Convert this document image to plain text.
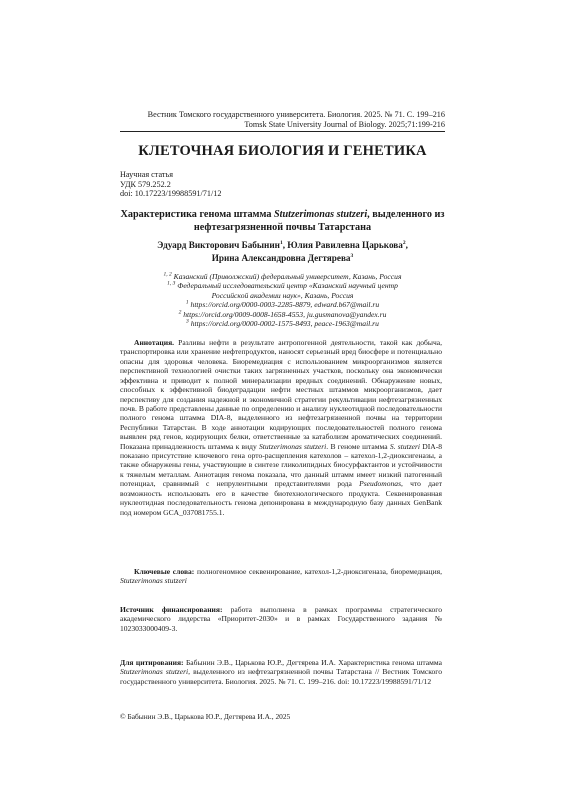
Вестник Томского государственного университета. Биология. 2025. № 71. С. 199–216
Tomsk State University Journal of Biology. 2025;71:199-216
КЛЕТОЧНАЯ БИОЛОГИЯ И ГЕНЕТИКА
Научная статья
УДК 579.252.2
doi: 10.17223/19988591/71/12
Характеристика генома штамма Stutzerimonas stutzeri, выделенного из нефтезагрязненной почвы Татарстана
Эдуард Викторович Бабынин$^1$, Юлия Равилевна Царькова$^2$,
Ирина Александровна Дегтярева$^3$
$^{1, 2}$ Казанский (Приволжский) федеральный университет, Казань, Россия
$^{1, 3}$ Федеральный исследовательский центр «Казанский научный центр Российской академии наук», Казань, Россия
$^1$ https://orcid.org/0000-0003-2285-8879, edward.b67@mail.ru
$^2$ https://orcid.org/0009-0008-1658-4553, ju.gusmanova@yandex.ru
$^3$ https://orcid.org/0000-0002-1575-8493, peace-1963@mail.ru
Аннотация. Разливы нефти в результате антропогенной деятельности, такой как добыча, транспортировка или хранение нефтепродуктов, наносят серьезный вред биосфере и потенциально опасны для здоровья человека. Биоремедиация с использованием микроорганизмов является перспективной технологией очистки таких загрязненных участков, поскольку она экономически эффективна и приводит к полной минерализации вредных соединений. Обнаружение новых, способных к эффективной биодеградации нефти местных штаммов микроорганизмов, дает перспективу для создания надежной и экономичной стратегии рекультивации нефтезагрязненных почв. В работе представлены данные по определению и анализу нуклеотидной последовательности полного генома штамма DIA-8, выделенного из нефтезагрязненной почвы на территории Республики Татарстан. В ходе аннотации кодирующих последовательностей полного генома выявлен ряд генов, кодирующих белки, ответственные за катаболизм ароматических соединений. Показана принадлежность штамма к виду Stutzerimonas stutzeri. В геноме штамма S. stutzeri DIA-8 показано присутствие ключевого гена орто-расщепления катехолов – катехол-1,2-диоксигеназы, а также обнаружены гены, участвующие в синтезе гликолипидных биосурфактантов и устойчивости к тяжелым металлам. Аннотация генома показала, что данный штамм имеет низкий патогенный потенциал, сравнимый с непрулентными представителями рода Pseudomonas, что дает возможность использовать его в качестве биотехнологического продукта. Секвенированная нуклеотидная последовательность генома депонирована в международную базу данных GenBank под номером GCA_037081755.1.
Ключевые слова: полногеномное секвенирование, катехол-1,2-диоксигеназа, биоремедиация, Stutzerimonas stutzeri
Источник финансирования: работа выполнена в рамках программы стратегического академического лидерства «Приоритет-2030» и в рамках Государственного задания № 1023033000409-3.
Для цитирования: Бабынин Э.В., Царькова Ю.Р., Дегтярева И.А. Характеристика генома штамма Stutzerimonas stutzeri, выделенного из нефтезагрязненной почвы Татарстана // Вестник Томского государственного университета. Биология. 2025. № 71. С. 199–216. doi: 10.17223/19988591/71/12
© Бабынин Э.В., Царькова Ю.Р., Дегтярева И.А., 2025
